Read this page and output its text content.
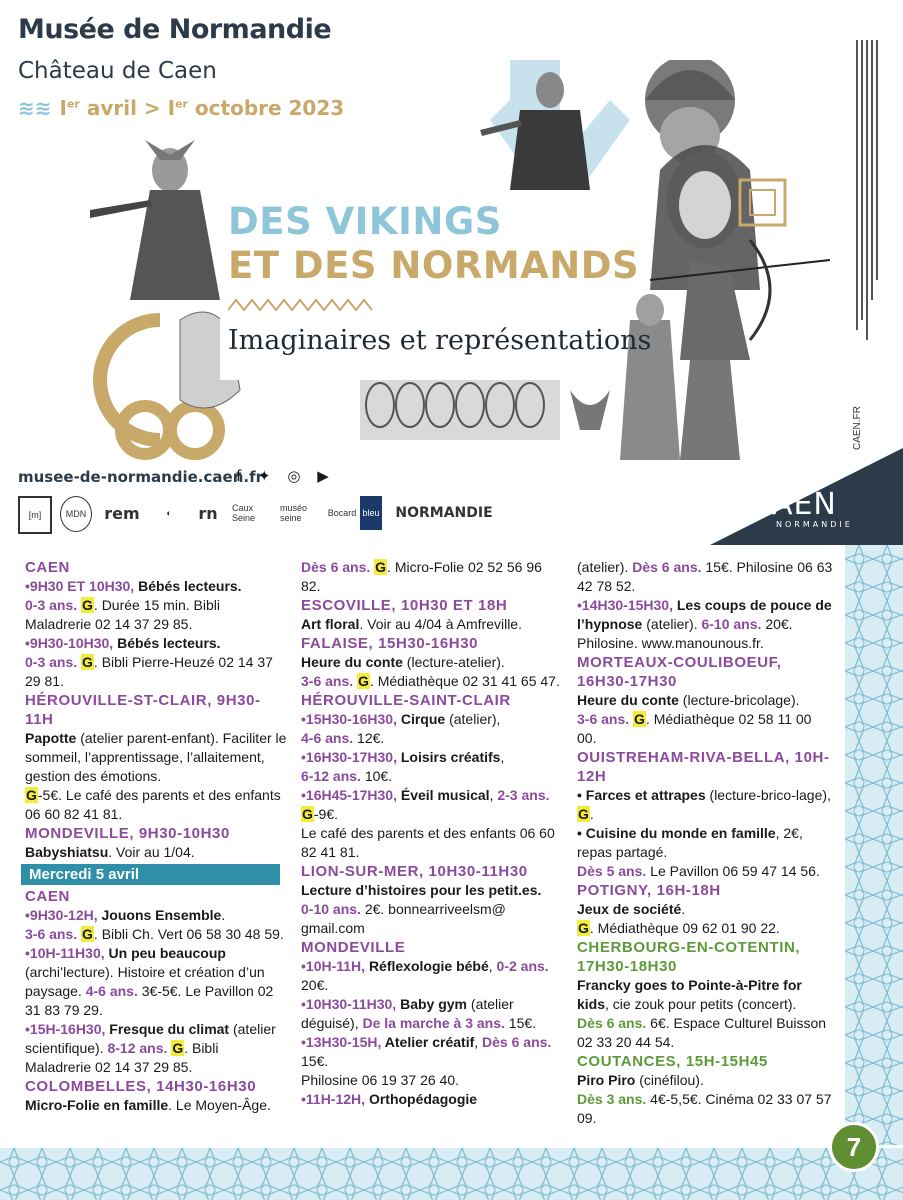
Musée de Normandie
Château de Caen
≋≋ Ier avril > Ier octobre 2023
DES VIKINGS
ET DES NORMANDS
Imaginaires et représentations
musee-de-normandie.caen.fr
f ✦ ◎ ▶
[m]	MDN	rem	◐	rn	Caux Seine
muséo seine	Bocard bleu	NORMANDIE
CAEN.FR
CAEN
NORMANDIE

CAEN

•9H30 ET 10H30, Bébés lecteurs.
0-3 ans. G. Durée 15 min. Bibli Maladrerie 02 14 37 29 85.

•9H30-10H30, Bébés lecteurs.
0-3 ans. G. Bibli Pierre-Heuzé 02 14 37 29 81.

HÉROUVILLE-ST-CLAIR, 9H30-11H

Papotte (atelier parent-enfant). Faciliter le sommeil, l’apprentissage, l’allaitement, gestion des émotions.
G-5€. Le café des parents et des enfants 06 60 82 41 81.

MONDEVILLE, 9H30-10H30

Babyshiatsu. Voir au 1/04.

Mercredi 5 avril

CAEN

•9H30-12H, Jouons Ensemble.
3-6 ans. G. Bibli Ch. Vert 06 58 30 48 59.

•10H-11H30, Un peu beaucoup (archi’lecture). Histoire et création d’un paysage. 4-6 ans. 3€-5€. Le Pavillon 02 31 83 79 29.

•15H-16H30, Fresque du climat (atelier scientifique). 8-12 ans. G. Bibli Maladrerie 02 14 37 29 85.

COLOMBELLES, 14H30-16H30

Micro-Folie en famille. Le Moyen-Âge.

Dès 6 ans. G. Micro-Folie 02 52 56 96 82.

ESCOVILLE, 10H30 ET 18H

Art floral. Voir au 4/04 à Amfreville.

FALAISE, 15H30-16H30

Heure du conte (lecture-atelier).
3-6 ans. G. Médiathèque 02 31 41 65 47.

HÉROUVILLE-SAINT-CLAIR

•15H30-16H30, Cirque (atelier),
4-6 ans. 12€.

•16H30-17H30, Loisirs créatifs,
6-12 ans. 10€.

•16H45-17H30, Éveil musical, 2-3 ans. G-9€.
Le café des parents et des enfants 06 60 82 41 81.

LION-SUR-MER, 10H30-11H30

Lecture d’histoires pour les petit.es.
0-10 ans. 2€. bonnearriveelsm@ gmail.com

MONDEVILLE

•10H-11H, Réflexologie bébé, 0-2 ans. 20€.

•10H30-11H30, Baby gym (atelier déguisé), De la marche à 3 ans. 15€.

•13H30-15H, Atelier créatif, Dès 6 ans. 15€.
Philosine 06 19 37 26 40.

•11H-12H, Orthopédagogie

(atelier). Dès 6 ans. 15€. Philosine 06 63 42 78 52.

•14H30-15H30, Les coups de pouce de l’hypnose (atelier). 6-10 ans. 20€. Philosine. www.manounous.fr.

MORTEAUX-COULIBOEUF, 16H30-17H30

Heure du conte (lecture-bricolage).
3-6 ans. G. Médiathèque 02 58 11 00 00.

OUISTREHAM-RIVA-BELLA, 10H-12H

• Farces et attrapes (lecture-brico-lage), G.

• Cuisine du monde en famille, 2€, repas partagé.
Dès 5 ans. Le Pavillon 06 59 47 14 56.

POTIGNY, 16H-18H

Jeux de société.
G. Médiathèque 09 62 01 90 22.

CHERBOURG-EN-COTENTIN, 17H30-18H30

Francky goes to Pointe-à-Pitre for kids, cie zouk pour petits (concert).
Dès 6 ans. 6€. Espace Culturel Buisson 02 33 20 44 54.

COUTANCES, 15H-15H45

Piro Piro (cinéfilou).
Dès 3 ans. 4€-5,5€. Cinéma 02 33 07 57 09.

7
